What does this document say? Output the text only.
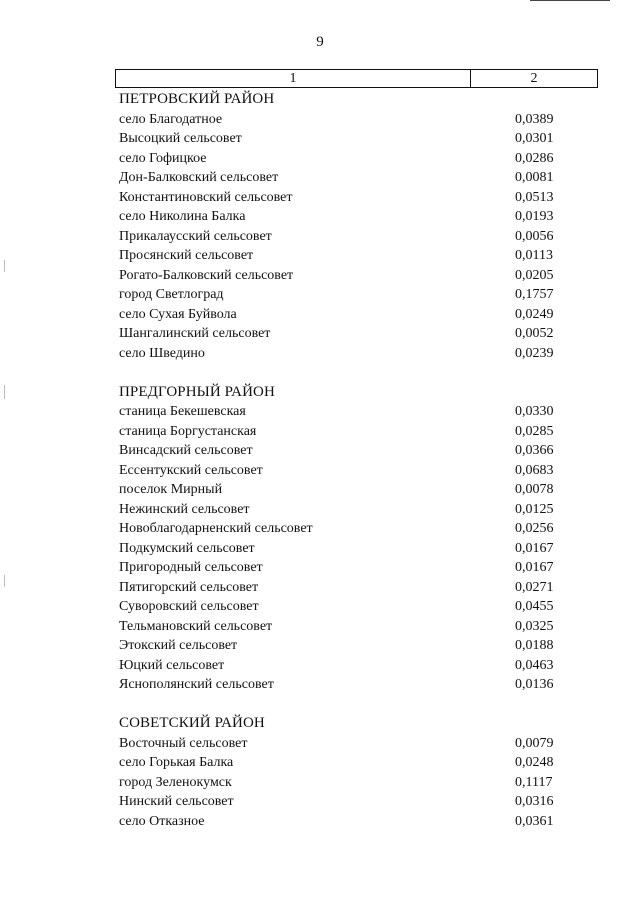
9
1	2
ПЕТРОВСКИЙ РАЙОН
село Благодатное	0,0389
Высоцкий сельсовет	0,0301
село Гофицкое	0,0286
Дон-Балковский сельсовет	0,0081
Константиновский сельсовет	0,0513
село Николина Балка	0,0193
Прикалаусский сельсовет	0,0056
Просянский сельсовет	0,0113
Рогато-Балковский сельсовет	0,0205
город Светлоград	0,1757
село Сухая Буйвола	0,0249
Шангалинский сельсовет	0,0052
село Шведино	0,0239
ПРЕДГОРНЫЙ РАЙОН
станица Бекешевская	0,0330
станица Боргустанская	0,0285
Винсадский сельсовет	0,0366
Ессентукский сельсовет	0,0683
поселок Мирный	0,0078
Нежинский сельсовет	0,0125
Новоблагодарненский сельсовет	0,0256
Подкумский сельсовет	0,0167
Пригородный сельсовет	0,0167
Пятигорский сельсовет	0,0271
Суворовский сельсовет	0,0455
Тельмановский сельсовет	0,0325
Этокский сельсовет	0,0188
Юцкий сельсовет	0,0463
Яснополянский сельсовет	0,0136
СОВЕТСКИЙ РАЙОН
Восточный сельсовет	0,0079
село Горькая Балка	0,0248
город Зеленокумск	0,1117
Нинский сельсовет	0,0316
село Отказное	0,0361
